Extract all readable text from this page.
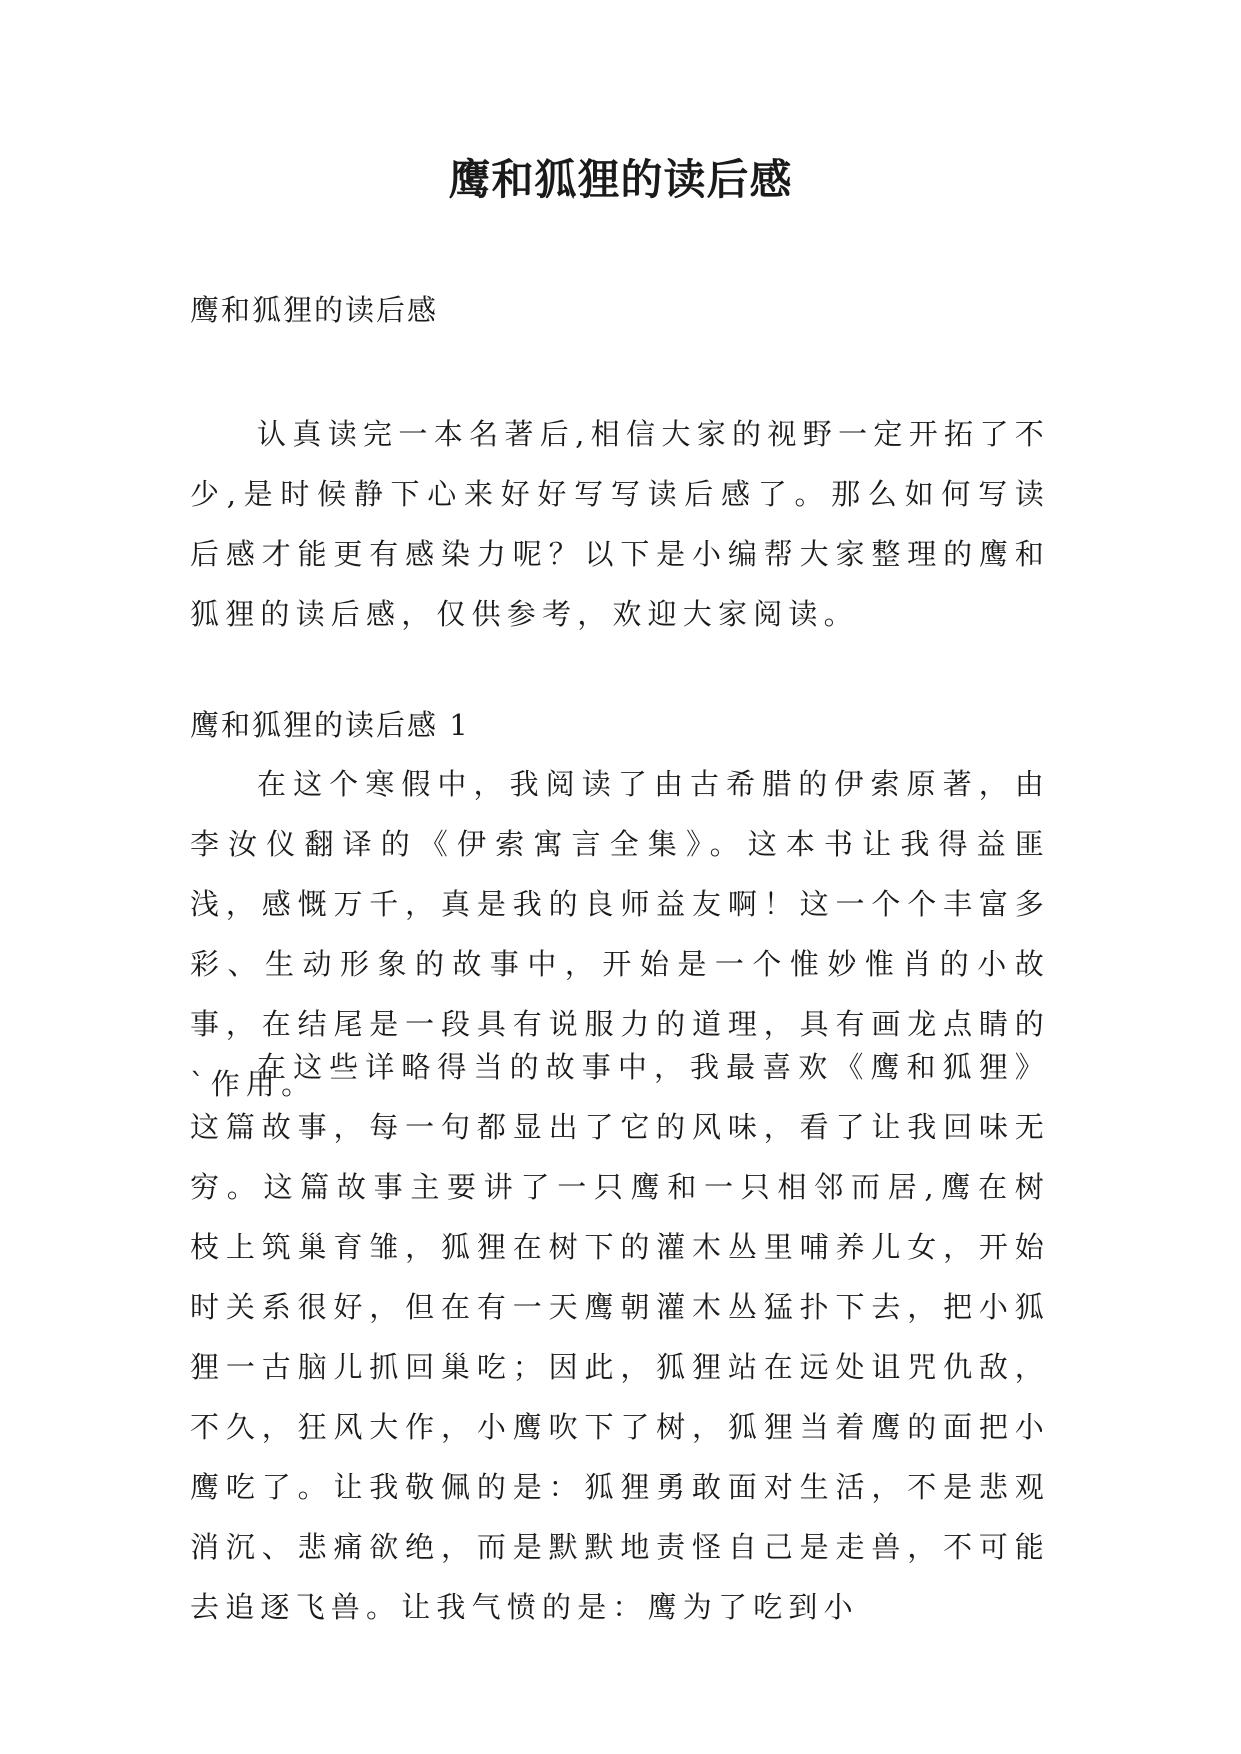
鹰和狐狸的读后感

鹰和狐狸的读后感

认真读完一本名著后,相信大家的视野一定开拓了不少,是时候静下心来好好写写读后感了。那么如何写读后感才能更有感染力呢？以下是小编帮大家整理的鹰和狐狸的读后感，仅供参考，欢迎大家阅读。

鹰和狐狸的读后感 1

在这个寒假中，我阅读了由古希腊的伊索原著，由李汝仪翻译的《伊索寓言全集》。这本书让我得益匪浅，感慨万千，真是我的良师益友啊！这一个个丰富多彩、生动形象的故事中，开始是一个惟妙惟肖的小故事，在结尾是一段具有说服力的道理，具有画龙点睛的`作用。

在这些详略得当的故事中，我最喜欢《鹰和狐狸》这篇故事，每一句都显出了它的风味，看了让我回味无穷。这篇故事主要讲了一只鹰和一只相邻而居,鹰在树枝上筑巢育雏，狐狸在树下的灌木丛里哺养儿女，开始时关系很好，但在有一天鹰朝灌木丛猛扑下去，把小狐狸一古脑儿抓回巢吃；因此，狐狸站在远处诅咒仇敌，不久，狂风大作，小鹰吹下了树，狐狸当着鹰的面把小鹰吃了。让我敬佩的是：狐狸勇敢面对生活，不是悲观消沉、悲痛欲绝，而是默默地责怪自己是走兽，不可能去追逐飞兽。让我气愤的是：鹰为了吃到小
